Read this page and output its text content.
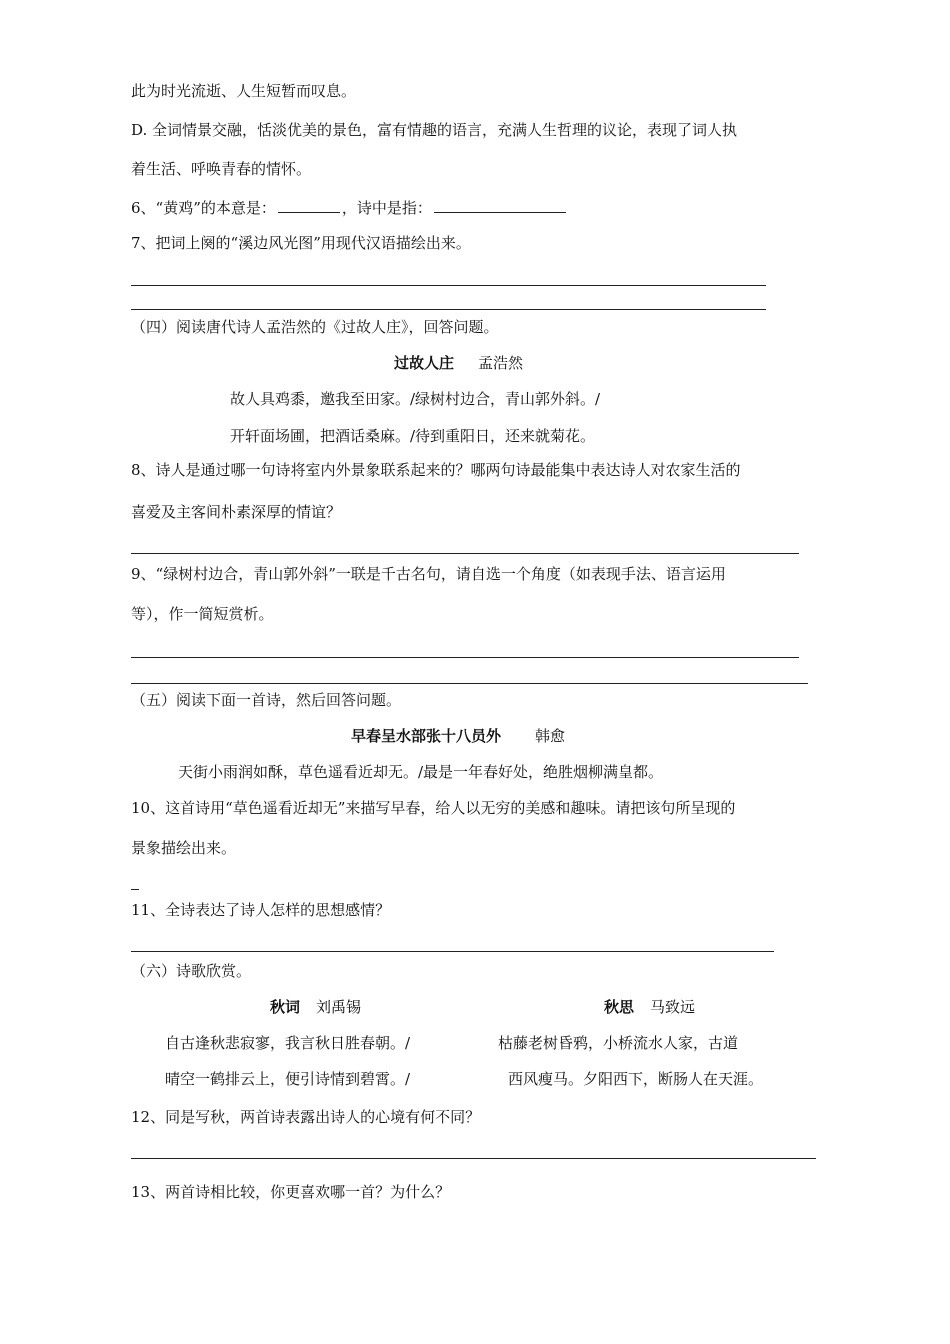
此为时光流逝、人生短暂而叹息。
D. 全词情景交融，恬淡优美的景色，富有情趣的语言，充满人生哲理的议论，表现了词人执
着生活、呼唤青春的情怀。
6、“黄鸡”的本意是：	，诗中是指：
7、把词上阕的“溪边风光图”用现代汉语描绘出来。
（四）阅读唐代诗人孟浩然的《过故人庄》，回答问题。
过故人庄 孟浩然
故人具鸡黍，邀我至田家。/绿树村边合，青山郭外斜。/
开轩面场圃，把酒话桑麻。/待到重阳日，还来就菊花。
8、诗人是通过哪一句诗将室内外景象联系起来的？哪两句诗最能集中表达诗人对农家生活的
喜爱及主客间朴素深厚的情谊？
9、“绿树村边合，青山郭外斜”一联是千古名句，请自选一个角度（如表现手法、语言运用
等），作一简短赏析。
（五）阅读下面一首诗，然后回答问题。
早春呈水部张十八员外 韩愈
天街小雨润如酥，草色遥看近却无。/最是一年春好处，绝胜烟柳满皇都。
10、这首诗用“草色遥看近却无”来描写早春，给人以无穷的美感和趣味。请把该句所呈现的
景象描绘出来。
11、全诗表达了诗人怎样的思想感情？
（六）诗歌欣赏。
秋词 刘禹锡	秋思 马致远
自古逢秋悲寂寥，我言秋日胜春朝。/	枯藤老树昏鸦，小桥流水人家，古道
晴空一鹤排云上，便引诗情到碧霄。/	西风瘦马。夕阳西下，断肠人在天涯。
12、同是写秋，两首诗表露出诗人的心境有何不同？
13、两首诗相比较，你更喜欢哪一首？为什么？
